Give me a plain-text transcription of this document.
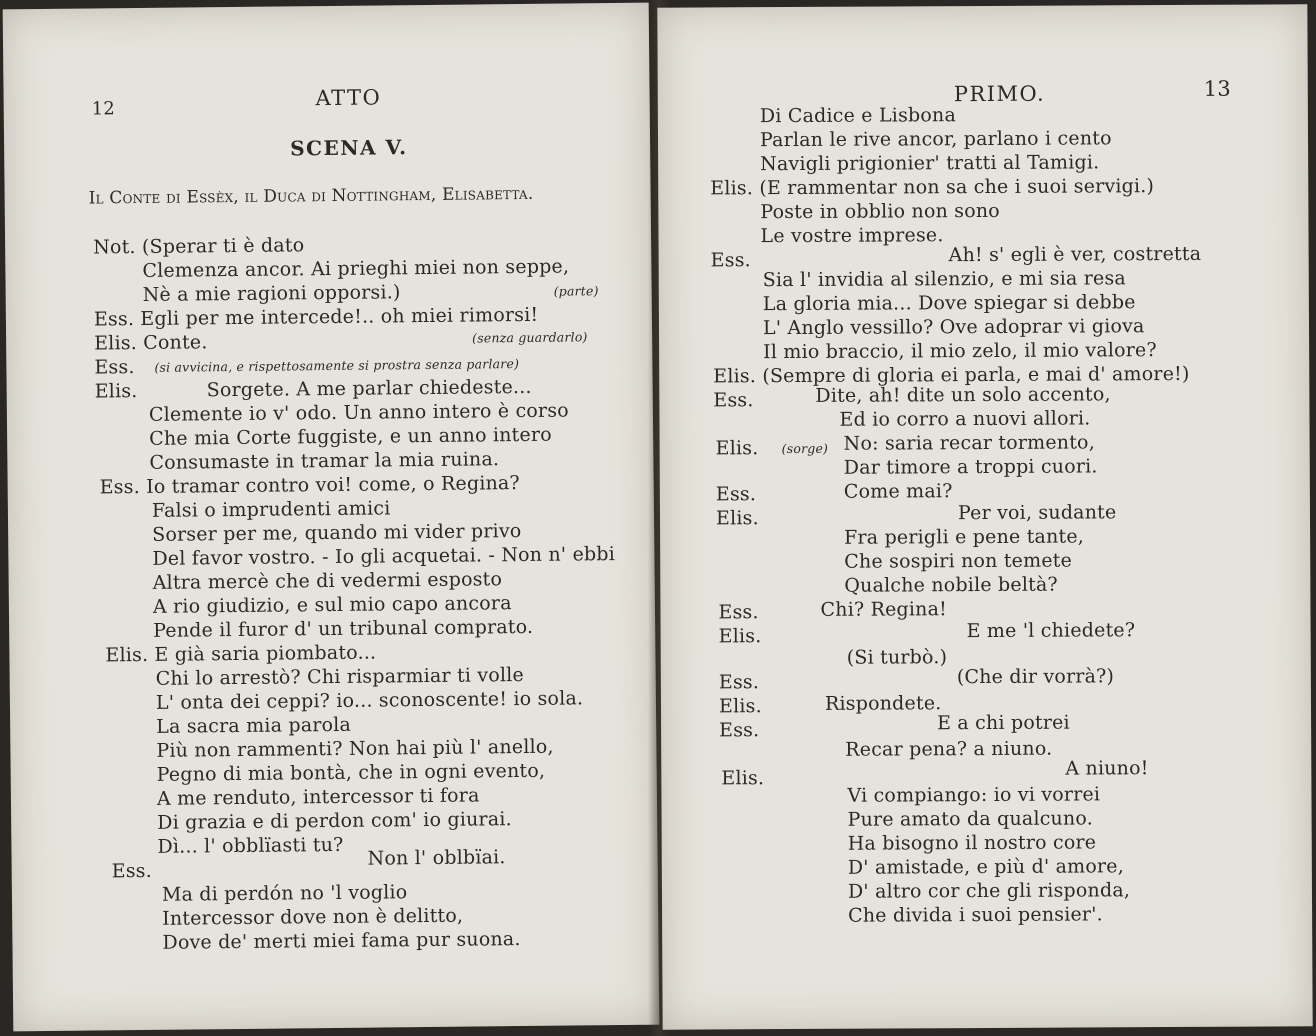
12	ATTO
SCENA V.
Il Conte di Essèx, il Duca di Nottingham, Elisabetta.
Not. (Sperar ti è dato
Clemenza ancor. Ai prieghi miei non seppe,
Nè a mie ragioni opporsi.)	(parte)
Ess. Egli per me intercede!.. oh miei rimorsi!
Elis. Conte.	(senza guardarlo)
Ess. (si avvicina, e rispettosamente si prostra senza parlare)
Elis.	Sorgete. A me parlar chiedeste...
Clemente io v' odo. Un anno intero è corso
Che mia Corte fuggiste, e un anno intero
Consumaste in tramar la mia ruina.
Ess. Io tramar contro voi! come, o Regina?
Falsi o imprudenti amici
Sorser per me, quando mi vider privo
Del favor vostro. - Io gli acquetai. - Non n' ebbi
Altra mercè che di vedermi esposto
A rio giudizio, e sul mio capo ancora
Pende il furor d' un tribunal comprato.
Elis. E già saria piombato...
Chi lo arrestò? Chi risparmiar ti volle
L' onta dei ceppi? io... sconoscente! io sola.
La sacra mia parola
Più non rammenti? Non hai più l' anello,
Pegno di mia bontà, che in ogni evento,
A me renduto, intercessor ti fora
Di grazia e di perdon com' io giurai.
Dì... l' obblïasti tu?
Non l' oblbïai.
Ess.
Ma di perdón no 'l voglio
Intercessor dove non è delitto,
Dove de' merti miei fama pur suona.
PRIMO.	13
Di Cadice e Lisbona
Parlan le rive ancor, parlano i cento
Navigli prigionier' tratti al Tamigi.
Elis. (E rammentar non sa che i suoi servigi.)
Poste in obblio non sono
Le vostre imprese.
Ess.	Ah! s' egli è ver, costretta
Sia l' invidia al silenzio, e mi sia resa
La gloria mia... Dove spiegar si debbe
L' Anglo vessillo? Ove adoprar vi giova
Il mio braccio, il mio zelo, il mio valore?
Elis. (Sempre di gloria ei parla, e mai d' amore!)
Ess.	Dite, ah! dite un solo accento,
Ed io corro a nuovi allori.
Elis. (sorge) No: saria recar tormento,
Dar timore a troppi cuori.
Ess.	Come mai?
Elis.	Per voi, sudante
Fra perigli e pene tante,
Che sospiri non temete
Qualche nobile beltà?
Ess.	Chi? Regina!
Elis.	E me 'l chiedete?
(Si turbò.)
Ess.	(Che dir vorrà?)
Elis.	Rispondete.
Ess.	E a chi potrei
Recar pena? a niuno.
A niuno!
Elis.
Vi compiango: io vi vorrei
Pure amato da qualcuno.
Ha bisogno il nostro core
D' amistade, e più d' amore,
D' altro cor che gli risponda,
Che divida i suoi pensier'.
